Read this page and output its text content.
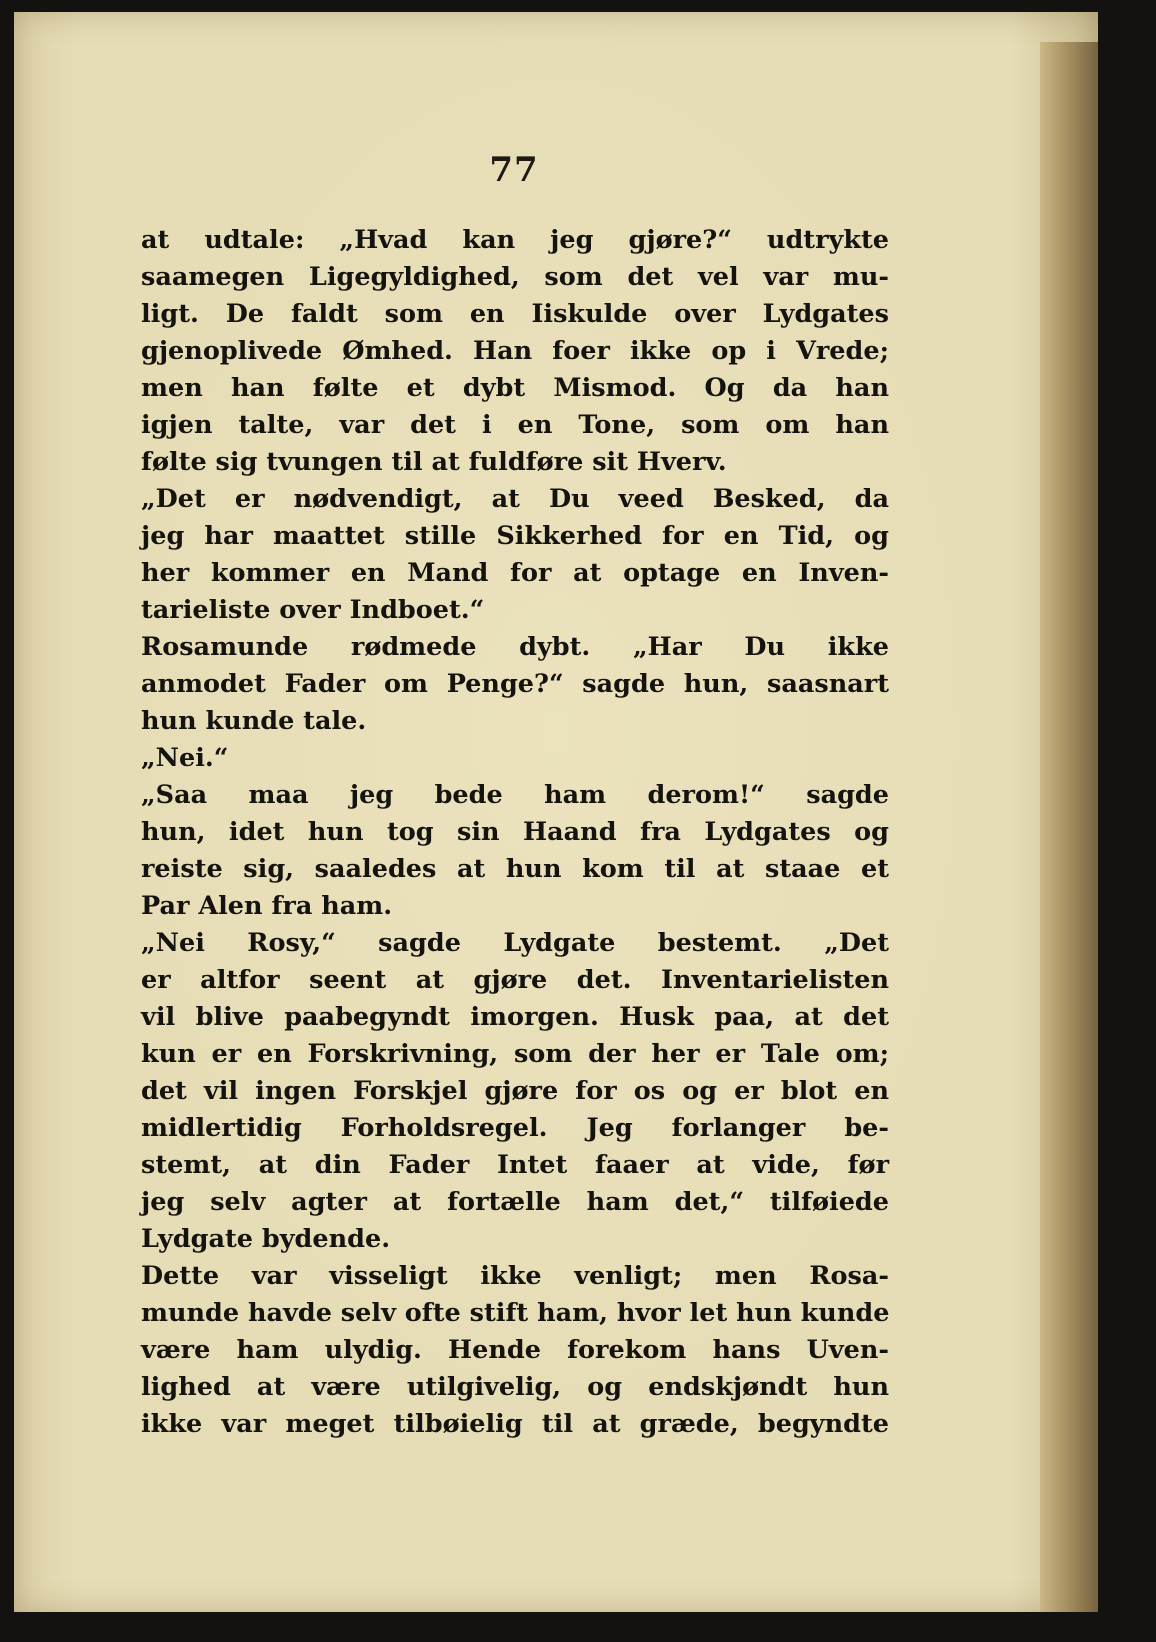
77
at udtale: „Hvad kan jeg gjøre?“ udtrykte
saamegen Ligegyldighed, som det vel var mu-
ligt. De faldt som en Iiskulde over Lydgates
gjenoplivede Ømhed. Han foer ikke op i Vrede;
men han følte et dybt Mismod. Og da han
igjen talte, var det i en Tone, som om han
følte sig tvungen til at fuldføre sit Hverv.
„Det er nødvendigt, at Du veed Besked, da
jeg har maattet stille Sikkerhed for en Tid, og
her kommer en Mand for at optage en Inven-
tarieliste over Indboet.“
Rosamunde rødmede dybt. „Har Du ikke
anmodet Fader om Penge?“ sagde hun, saasnart
hun kunde tale.
„Nei.“
„Saa maa jeg bede ham derom!“ sagde
hun, idet hun tog sin Haand fra Lydgates og
reiste sig, saaledes at hun kom til at staae et
Par Alen fra ham.
„Nei Rosy,“ sagde Lydgate bestemt. „Det
er altfor seent at gjøre det. Inventarielisten
vil blive paabegyndt imorgen. Husk paa, at det
kun er en Forskrivning, som der her er Tale om;
det vil ingen Forskjel gjøre for os og er blot en
midlertidig Forholdsregel. Jeg forlanger be-
stemt, at din Fader Intet faaer at vide, før
jeg selv agter at fortælle ham det,“ tilføiede
Lydgate bydende.
Dette var visseligt ikke venligt; men Rosa-
munde havde selv ofte stift ham, hvor let hun kunde
være ham ulydig. Hende forekom hans Uven-
lighed at være utilgivelig, og endskjøndt hun
ikke var meget tilbøielig til at græde, begyndte
